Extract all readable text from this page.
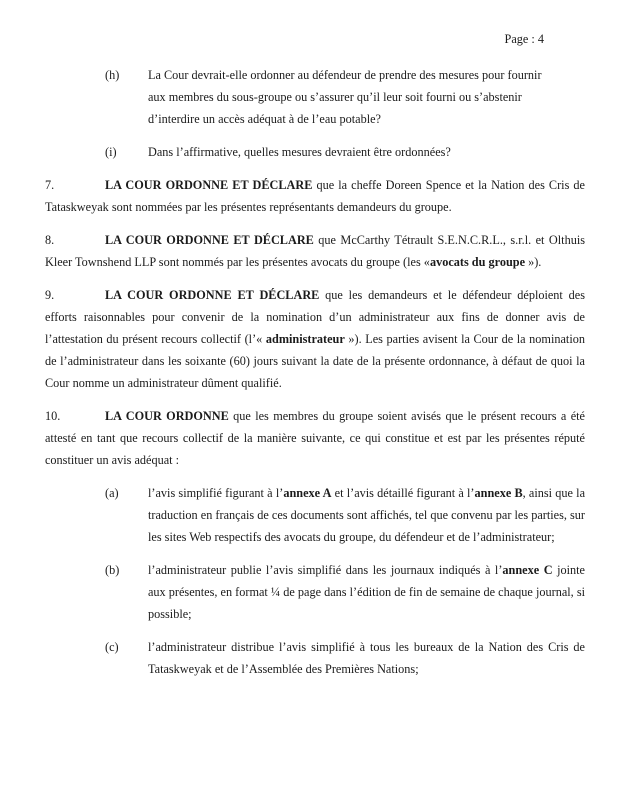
Page : 4

(h) La Cour devrait-elle ordonner au défendeur de prendre des mesures pour fournir aux membres du sous-groupe ou s’assurer qu’il leur soit fourni ou s’abstenir d’interdire un accès adéquat à de l’eau potable?

(i)	Dans l’affirmative, quelles mesures devraient être ordonnées?

7.	LA COUR ORDONNE ET DÉCLARE que la cheffe Doreen Spence et la Nation des Cris de Tataskweyak sont nommées par les présentes représentants demandeurs du groupe.

8.	LA COUR ORDONNE ET DÉCLARE que McCarthy Tétrault S.E.N.C.R.L., s.r.l. et Olthuis Kleer Townshend LLP sont nommés par les présentes avocats du groupe (les «avocats du groupe »).

9.	LA COUR ORDONNE ET DÉCLARE que les demandeurs et le défendeur déploient des efforts raisonnables pour convenir de la nomination d’un administrateur aux fins de donner avis de l’attestation du présent recours collectif (l’« administrateur »). Les parties avisent la Cour de la nomination de l’administrateur dans les soixante (60) jours suivant la date de la présente ordonnance, à défaut de quoi la Cour nomme un administrateur dûment qualifié.

10.	LA COUR ORDONNE que les membres du groupe soient avisés que le présent recours a été attesté en tant que recours collectif de la manière suivante, ce qui constitue et est par les présentes réputé constituer un avis adéquat :

(a) l’avis simplifié figurant à l’annexe A et l’avis détaillé figurant à l’annexe B, ainsi que la traduction en français de ces documents sont affichés, tel que convenu par les parties, sur les sites Web respectifs des avocats du groupe, du défendeur et de l’administrateur;

(b) l’administrateur publie l’avis simplifié dans les journaux indiqués à l’annexe C jointe aux présentes, en format ¼ de page dans l’édition de fin de semaine de chaque journal, si possible;

(c) l’administrateur distribue l’avis simplifié à tous les bureaux de la Nation des Cris de Tataskweyak et de l’Assemblée des Premières Nations;
